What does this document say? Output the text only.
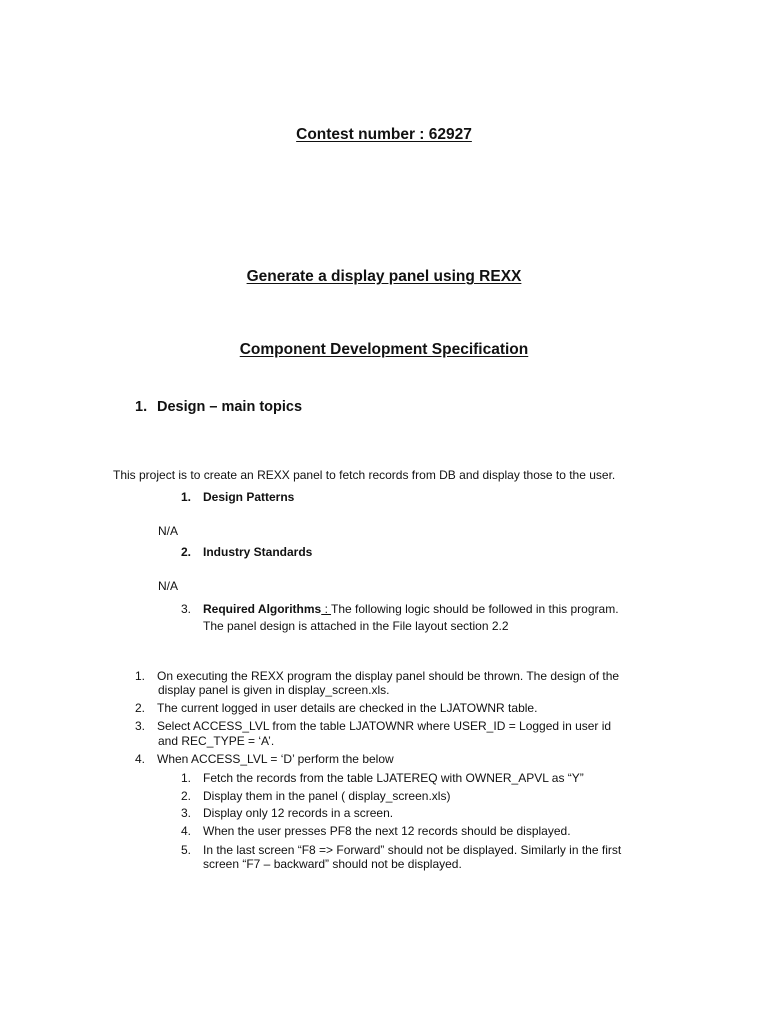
Contest number : 62927
Generate a display panel using REXX
Component Development Specification
1. Design – main topics
This project is to create an REXX panel to fetch records from DB and display those to the user.
1. Design Patterns
N/A
2. Industry Standards
N/A
3. Required Algorithms : The following logic should be followed in this program.
The panel design is attached in the File layout section 2.2
1. On executing the REXX program the display panel should be thrown. The design of the
display panel is given in display_screen.xls.
2. The current logged in user details are checked in the LJATOWNR table.
3. Select ACCESS_LVL from the table LJATOWNR where USER_ID = Logged in user id
and REC_TYPE = ‘A’.
4. When ACCESS_LVL = ‘D’ perform the below
1. Fetch the records from the table LJATEREQ with OWNER_APVL as “Y”
2. Display them in the panel ( display_screen.xls)
3. Display only 12 records in a screen.
4. When the user presses PF8 the next 12 records should be displayed.
5. In the last screen “F8 => Forward” should not be displayed. Similarly in the first
screen “F7 – backward” should not be displayed.
